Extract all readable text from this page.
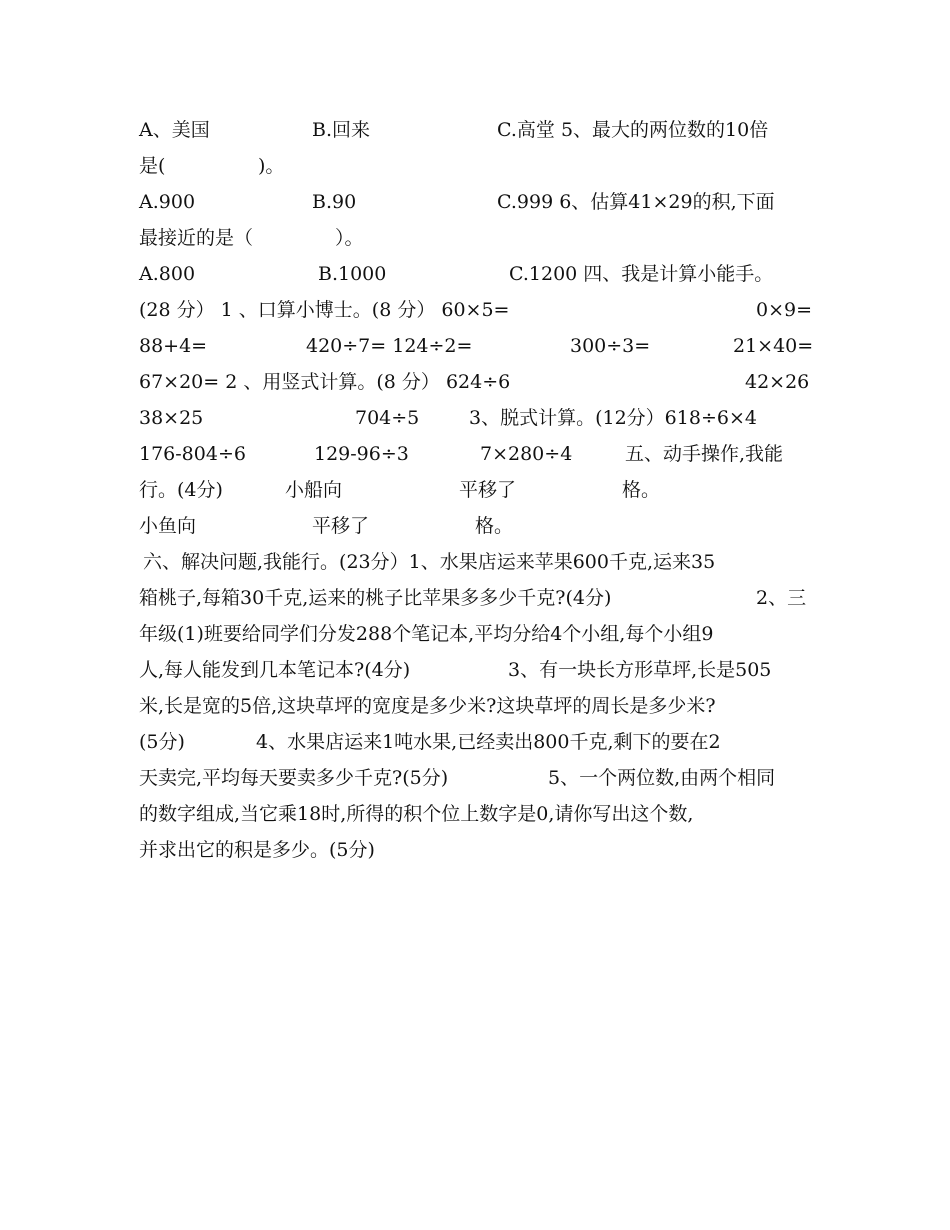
A、美国	B.回来	C.高堂 5、最大的两位数的10倍
是(	)。
A.900	B.90	C.999 6、估算41×29的积,下面
最接近的是（	）。
A.800	B.1000	C.1200 四、我是计算小能手。
(28 分） 1 、口算小博士。(8 分） 60×5=	0×9=
88+4=	420÷7= 124÷2=	300÷3=	21×40=
67×20= 2 、用竖式计算。(8 分） 624÷6	42×26
38×25	704÷5	3、脱式计算。(12分）618÷6×4
176-804÷6	129-96÷3	7×280÷4	五、动手操作,我能
行。(4分)	小船向	平移了	格。
小鱼向	平移了	格。
六、解决问题,我能行。(23分）1、水果店运来苹果600千克,运来35
箱桃子,每箱30千克,运来的桃子比苹果多多少千克?(4分)	2、三
年级(1)班要给同学们分发288个笔记本,平均分给4个小组,每个小组9
人,每人能发到几本笔记本?(4分)	3、有一块长方形草坪,长是505
米,长是宽的5倍,这块草坪的宽度是多少米?这块草坪的周长是多少米?
(5分)	4、水果店运来1吨水果,已经卖出800千克,剩下的要在2
天卖完,平均每天要卖多少千克?(5分)	5、一个两位数,由两个相同
的数字组成,当它乘18时,所得的积个位上数字是0,请你写出这个数,
并求出它的积是多少。(5分)
